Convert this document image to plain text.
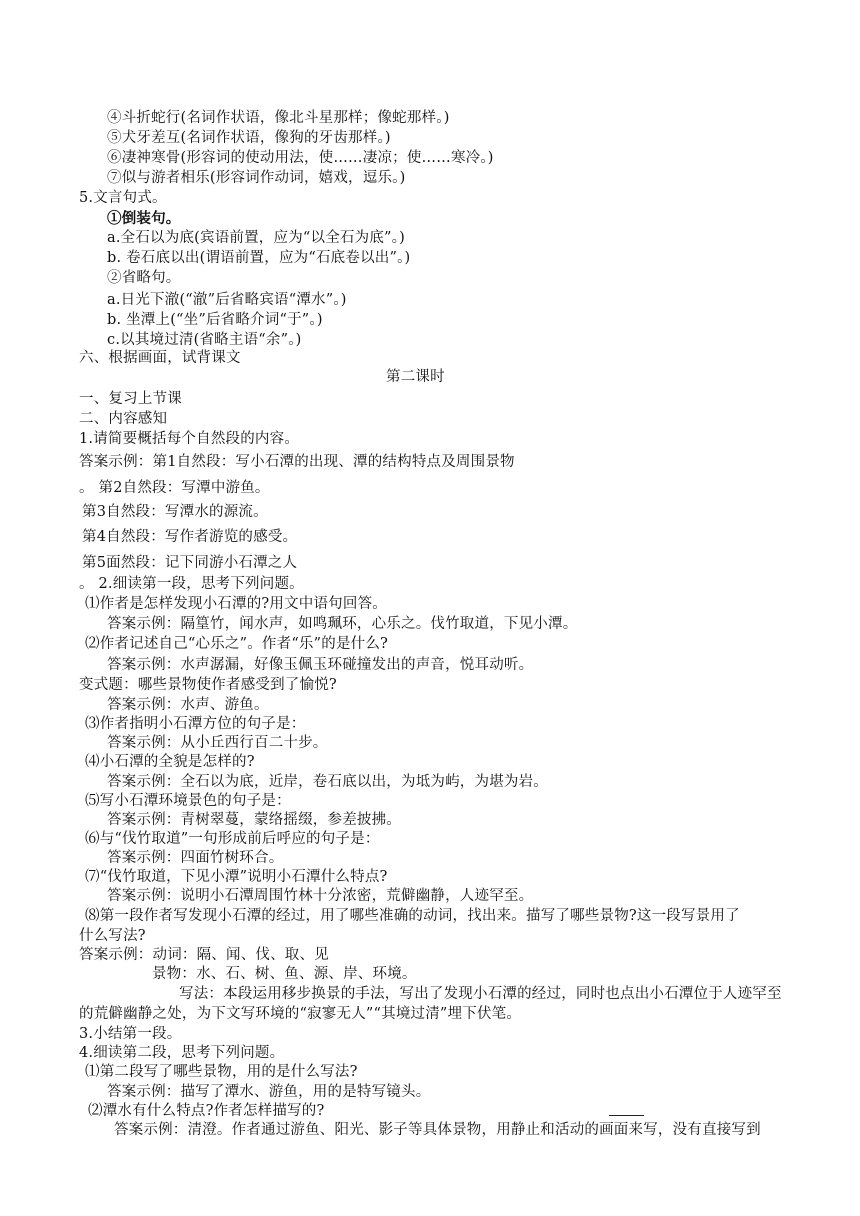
④斗折蛇行(名词作状语，像北斗星那样；像蛇那样。)
⑤犬牙差互(名词作状语，像狗的牙齿那样。)
⑥凄神寒骨(形容词的使动用法，使……凄凉；使……寒冷。)
⑦似与游者相乐(形容词作动词，嬉戏，逗乐。)
5.文言句式。
①倒装句。
a.全石以为底(宾语前置，应为“以全石为底”。)
b. 卷石底以出(谓语前置，应为“石底卷以出”。)
②省略句。
a.日光下澈(“澈”后省略宾语“潭水”。)
b. 坐潭上(“坐”后省略介词“于”。)
c.以其境过清(省略主语“余”。)
六、根据画面，试背课文
第二课时
一、复习上节课
二、内容感知
1.请简要概括每个自然段的内容。
答案示例：第1自然段：写小石潭的出现、潭的结构特点及周围景物
。 第2自然段：写潭中游鱼。
第3自然段：写潭水的源流。
第4自然段：写作者游览的感受。
第5面然段：记下同游小石潭之人
。 2.细读第一段，思考下列问题。
⑴作者是怎样发现小石潭的?用文中语句回答。
答案示例：隔篁竹，闻水声，如鸣珮环，心乐之。伐竹取道，下见小潭。
⑵作者记述自己“心乐之”。作者“乐”的是什么?
答案示例：水声潺漏，好像玉佩玉环碰撞发出的声音，悦耳动听。
变式题：哪些景物使作者感受到了愉悦?
答案示例：水声、游鱼。
⑶作者指明小石潭方位的句子是：
答案示例：从小丘西行百二十步。
⑷小石潭的全貌是怎样的?
答案示例：全石以为底，近岸，卷石底以出，为坻为屿，为堪为岩。
⑸写小石潭环境景色的句子是：
答案示例：青树翠蔓，蒙络摇缀，参差披拂。
⑹与“伐竹取道”一句形成前后呼应的句子是：
答案示例：四面竹树环合。
⑺“伐竹取道，下见小潭”说明小石潭什么特点?
答案示例：说明小石潭周围竹林十分浓密，荒僻幽静，人迹罕至。
⑻第一段作者写发现小石潭的经过，用了哪些准确的动词，找出来。描写了哪些景物?这一段写景用了
什么写法?
答案示例：动词：隔、闻、伐、取、见
景物：水、石、树、鱼、源、岸、环境。
写法：本段运用移步换景的手法，写出了发现小石潭的经过，同时也点出小石潭位于人迹罕至
的荒僻幽静之处，为下文写环境的“寂寥无人”“其境过清”埋下伏笔。
3.小结第一段。
4.细读第二段，思考下列问题。
⑴第二段写了哪些景物，用的是什么写法?
答案示例：描写了潭水、游鱼，用的是特写镜头。
⑵潭水有什么特点?作者怎样描写的?
答案示例：清澄。作者通过游鱼、阳光、影子等具体景物，用静止和活动的画面来写，没有直接写到
